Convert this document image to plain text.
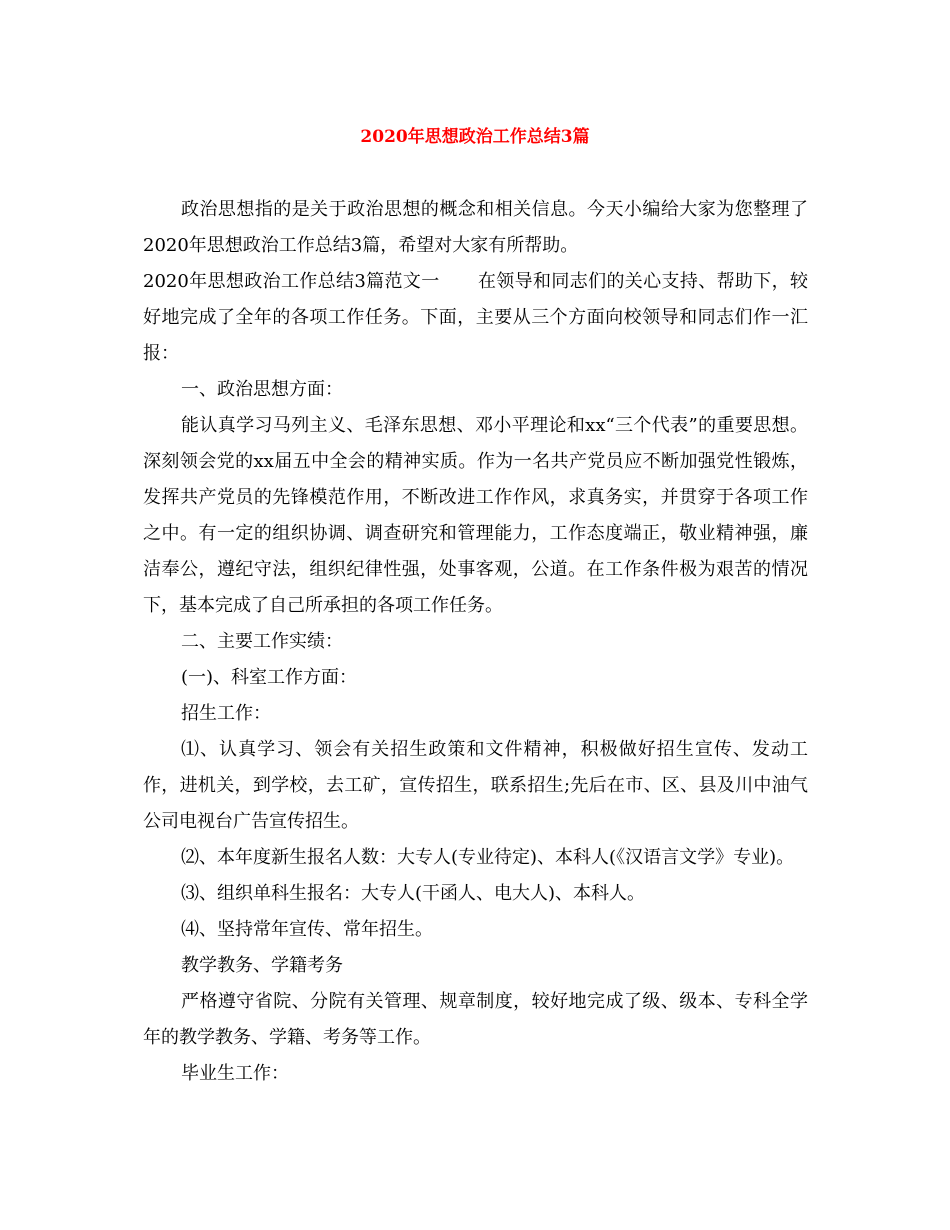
2020年思想政治工作总结3篇

政治思想指的是关于政治思想的概念和相关信息。今天小编给大家为您整理了2020年思想政治工作总结3篇，希望对大家有所帮助。

2020年思想政治工作总结3篇范文一 在领导和同志们的关心支持、帮助下，较好地完成了全年的各项工作任务。下面，主要从三个方面向校领导和同志们作一汇报：

一、政治思想方面：

能认真学习马列主义、毛泽东思想、邓小平理论和xx“三个代表”的重要思想。深刻领会党的xx届五中全会的精神实质。作为一名共产党员应不断加强党性锻炼，发挥共产党员的先锋模范作用，不断改进工作作风，求真务实，并贯穿于各项工作之中。有一定的组织协调、调查研究和管理能力，工作态度端正，敬业精神强，廉洁奉公，遵纪守法，组织纪律性强，处事客观，公道。在工作条件极为艰苦的情况下，基本完成了自己所承担的各项工作任务。

二、主要工作实绩：

(一)、科室工作方面：

招生工作：

⑴、认真学习、领会有关招生政策和文件精神，积极做好招生宣传、发动工作，进机关，到学校，去工矿，宣传招生，联系招生;先后在市、区、县及川中油气公司电视台广告宣传招生。

⑵、本年度新生报名人数：大专人(专业待定)、本科人(《汉语言文学》专业)。

⑶、组织单科生报名：大专人(干函人、电大人)、本科人。

⑷、坚持常年宣传、常年招生。

教学教务、学籍考务

严格遵守省院、分院有关管理、规章制度，较好地完成了级、级本、专科全学年的教学教务、学籍、考务等工作。

毕业生工作：
